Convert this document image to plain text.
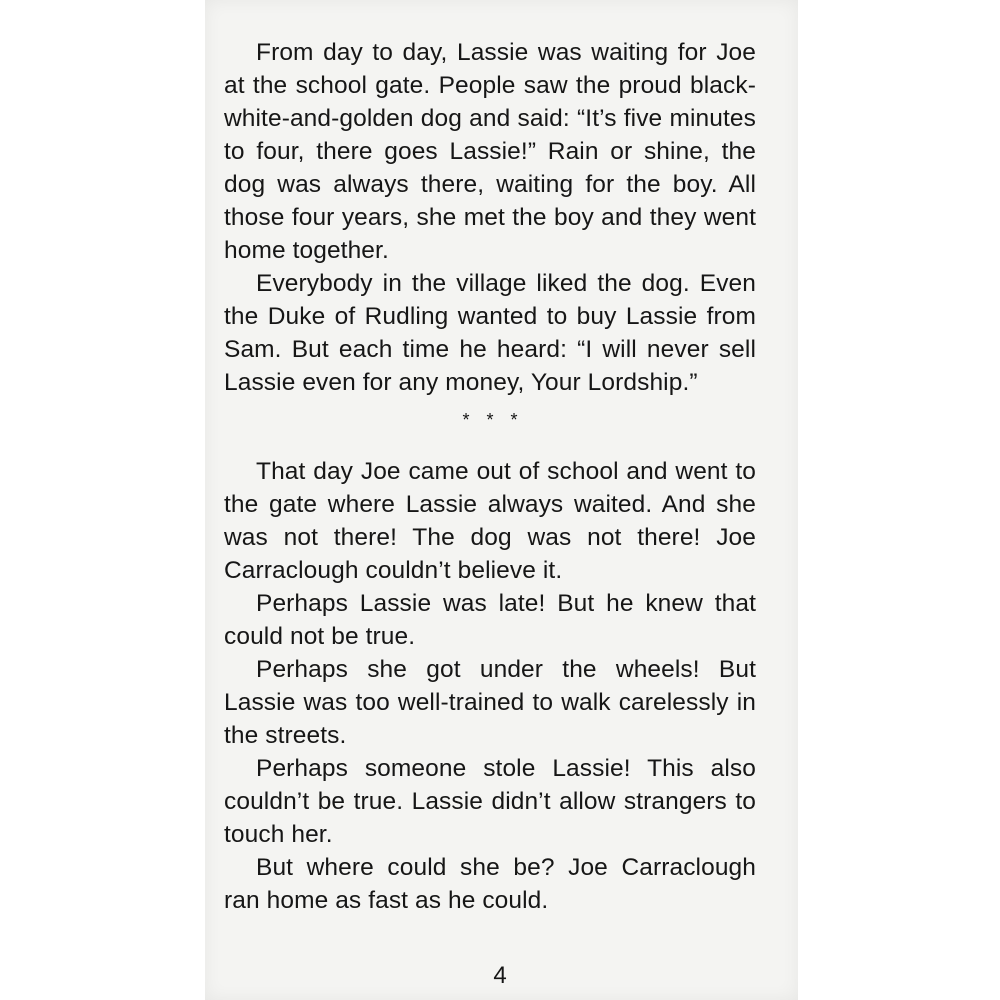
From day to day, Lassie was waiting for Joe at the school gate. People saw the proud black-white-and-golden dog and said: “It’s five minutes to four, there goes Lassie!” Rain or shine, the dog was always there, waiting for the boy. All those four years, she met the boy and they went home together.

Everybody in the village liked the dog. Even the Duke of Rudling wanted to buy Lassie from Sam. But each time he heard: “I will never sell Lassie even for any money, Your Lordship.”

* * *

That day Joe came out of school and went to the gate where Lassie always waited. And she was not there! The dog was not there! Joe Carraclough couldn’t believe it.

Perhaps Lassie was late! But he knew that could not be true.

Perhaps she got under the wheels! But Lassie was too well-trained to walk carelessly in the streets.

Perhaps someone stole Lassie! This also couldn’t be true. Lassie didn’t allow strangers to touch her.

But where could she be? Joe Carraclough ran home as fast as he could.

4
